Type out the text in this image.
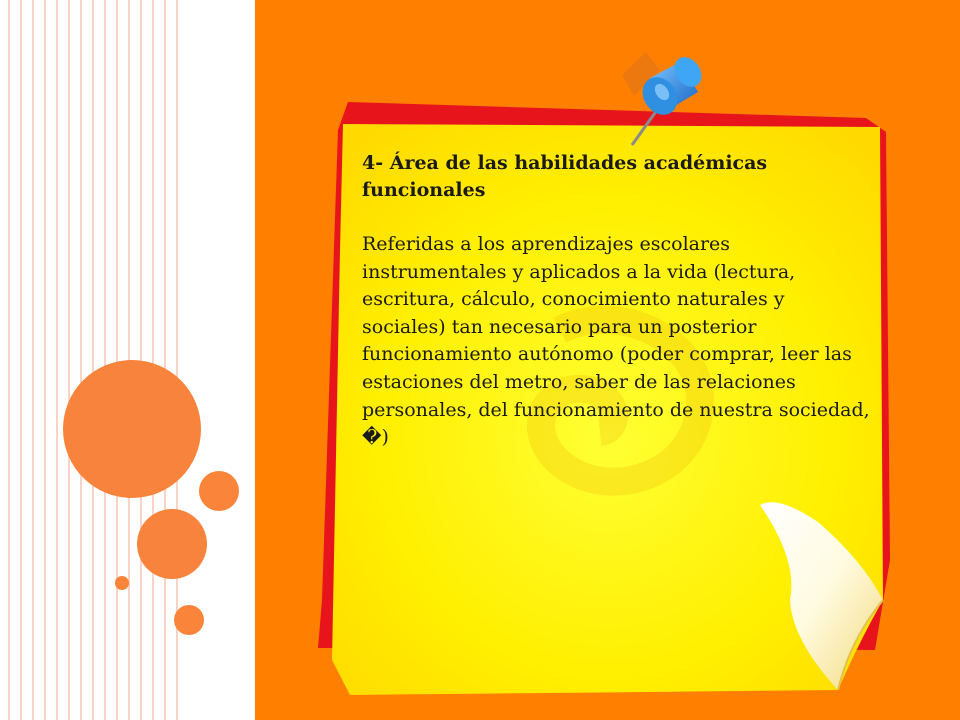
4- Área de las habilidades académicas funcionales

Referidas a los aprendizajes escolares instrumentales y aplicados a la vida (lectura, escritura, cálculo, conocimiento naturales y sociales) tan necesario para un posterior funcionamiento autónomo (poder comprar, leer las estaciones del metro, saber de las relaciones personales, del funcionamiento de nuestra sociedad, �)
